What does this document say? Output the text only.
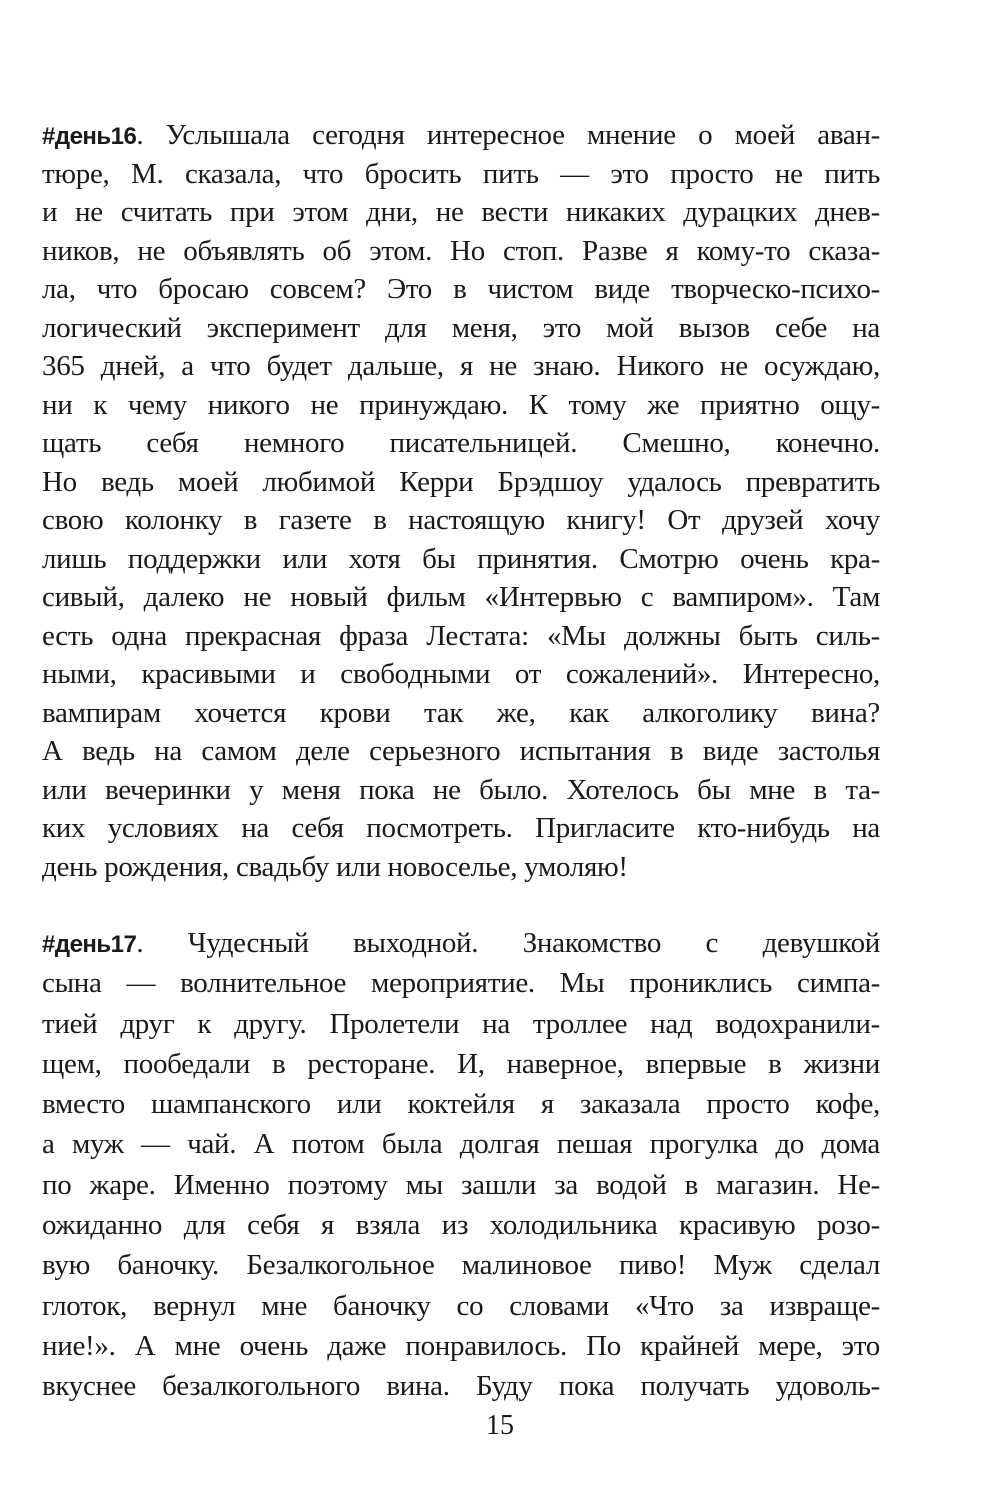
#день16. Услышала сегодня интересное мнение о моей аван-
тюре, М. сказала, что бросить пить — это просто не пить
и не считать при этом дни, не вести никаких дурацких днев-
ников, не объявлять об этом. Но стоп. Разве я кому-то сказа-
ла, что бросаю совсем? Это в чистом виде творческо-психо-
логический эксперимент для меня, это мой вызов себе на
365 дней, а что будет дальше, я не знаю. Никого не осуждаю,
ни к чему никого не принуждаю. К тому же приятно ощу-
щать себя немного писательницей. Смешно, конечно.
Но ведь моей любимой Керри Брэдшоу удалось превратить
свою колонку в газете в настоящую книгу! От друзей хочу
лишь поддержки или хотя бы принятия. Смотрю очень кра-
сивый, далеко не новый фильм «Интервью с вампиром». Там
есть одна прекрасная фраза Лестата: «Мы должны быть силь-
ными, красивыми и свободными от сожалений». Интересно,
вампирам хочется крови так же, как алкоголику вина?
А ведь на самом деле серьезного испытания в виде застолья
или вечеринки у меня пока не было. Хотелось бы мне в та-
ких условиях на себя посмотреть. Пригласите кто-нибудь на
день рождения, свадьбу или новоселье, умоляю!
#день17. Чудесный выходной. Знакомство с девушкой
сына — волнительное мероприятие. Мы прониклись симпа-
тией друг к другу. Пролетели на троллее над водохранили-
щем, пообедали в ресторане. И, наверное, впервые в жизни
вместо шампанского или коктейля я заказала просто кофе,
а муж — чай. А потом была долгая пешая прогулка до дома
по жаре. Именно поэтому мы зашли за водой в магазин. Не-
ожиданно для себя я взяла из холодильника красивую розо-
вую баночку. Безалкогольное малиновое пиво! Муж сделал
глоток, вернул мне баночку со словами «Что за извраще-
ние!». А мне очень даже понравилось. По крайней мере, это
вкуснее безалкогольного вина. Буду пока получать удоволь-
15
